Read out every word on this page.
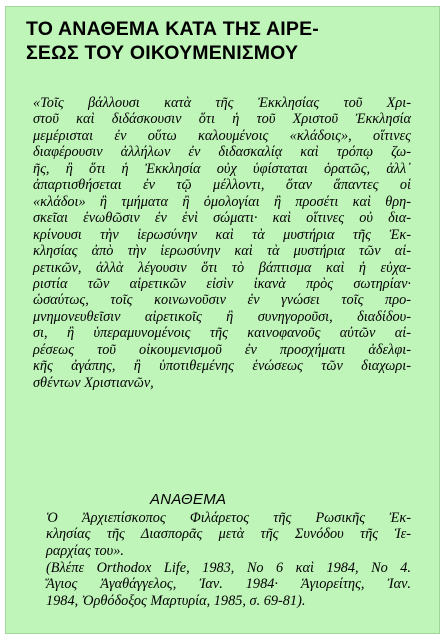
ΤΟ ΑΝΑΘΕΜΑ ΚΑΤΑ ΤΗΣ ΑΙΡΕ-
ΣΕΩΣ ΤΟΥ ΟΙΚΟΥΜΕΝΙΣΜΟΥ
«Τοῖς βάλλουσι κατὰ τῆς Ἐκκλησίας τοῦ Χρι-
στοῦ καὶ διδάσκουσιν ὅτι ἡ τοῦ Χριστοῦ Ἐκκλησία
μεμέρισται ἐν οὕτω καλουμένοις «κλάδοις», οἵτινες
διαφέρουσιν ἀλλήλων ἐν διδασκαλίᾳ καὶ τρόπῳ ζω-
ῆς, ἢ ὅτι ἡ Ἐκκλησία οὐχ ὑφίσταται ὁρατῶς, ἀλλ᾽
ἀπαρτισθήσεται ἐν τῷ μέλλοντι, ὅταν ἅπαντες οἱ
«κλάδοι» ἢ τμήματα ἢ ὁμολογίαι ἢ προσέτι καὶ θρη-
σκεῖαι ἑνωθῶσιν ἐν ἑνὶ σώματι· καὶ οἵτινες οὐ δια-
κρίνουσι τὴν ἱερωσύνην καὶ τὰ μυστήρια τῆς Ἐκ-
κλησίας ἀπὸ τὴν ἱερωσύνην καὶ τὰ μυστήρια τῶν αἱ-
ρετικῶν, ἀλλὰ λέγουσιν ὅτι τὸ βάπτισμα καὶ ἡ εὐχα-
ριστία τῶν αἱρετικῶν εἰσὶν ἱκανὰ πρὸς σωτηρίαν·
ὡσαύτως, τοῖς κοινωνοῦσιν ἐν γνώσει τοῖς προ-
μνημονευθεῖσιν αἱρετικοῖς ἢ συνηγοροῦσι, διαδίδου-
σι, ἢ ὑπεραμυνομένοις τῆς καινοφανοῦς αὐτῶν αἱ-
ρέσεως τοῦ οἰκουμενισμοῦ ἐν προσχήματι ἀδελφι-
κῆς ἀγάπης, ἢ ὑποτιθεμένης ἑνώσεως τῶν διαχωρι-
σθέντων Χριστιανῶν,
ΑΝΑΘΕΜΑ
Ὁ Ἀρχιεπίσκοπος Φιλάρετος τῆς Ρωσικῆς Ἐκ-
κλησίας τῆς Διασπορᾶς μετὰ τῆς Συνόδου τῆς Ἱε-
ραρχίας του».
(Βλέπε Orthodox Life, 1983, No 6 καὶ 1984, No 4.
Ἅγιος Ἀγαθάγγελος, Ἰαν. 1984· Ἁγιορείτης, Ἰαν.
1984, Ὀρθόδοξος Μαρτυρία, 1985, σ. 69-81).
